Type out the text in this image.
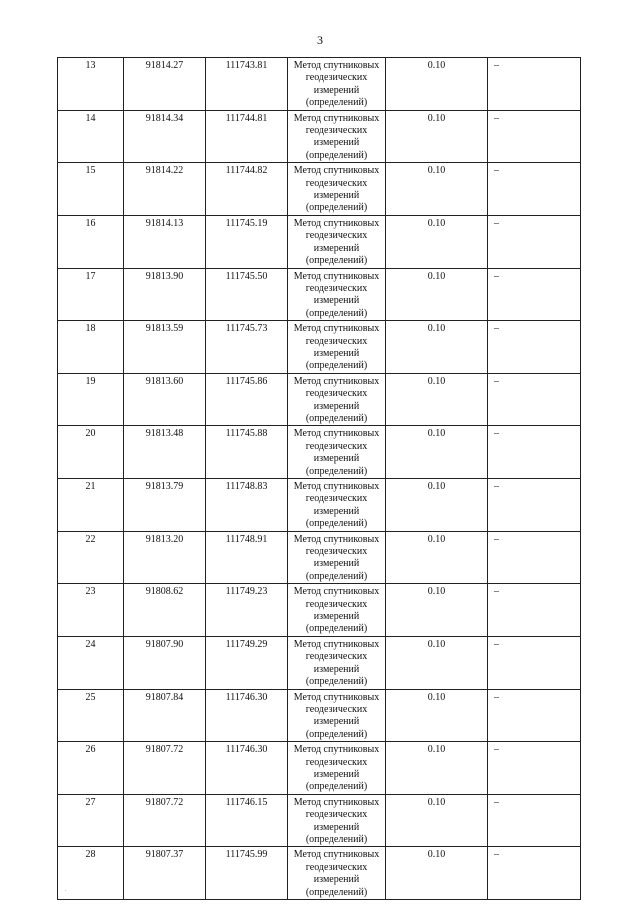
3
13	91814.27	111743.81	Метод спутниковых
геодезических
измерений
(определений)	0.10	–
14	91814.34	111744.81	Метод спутниковых
геодезических
измерений
(определений)	0.10	–
15	91814.22	111744.82	Метод спутниковых
геодезических
измерений
(определений)	0.10	–
16	91814.13	111745.19	Метод спутниковых
геодезических
измерений
(определений)	0.10	–
17	91813.90	111745.50	Метод спутниковых
геодезических
измерений
(определений)	0.10	–
18	91813.59	111745.73	Метод спутниковых
геодезических
измерений
(определений)	0.10	–
19	91813.60	111745.86	Метод спутниковых
геодезических
измерений
(определений)	0.10	–
20	91813.48	111745.88	Метод спутниковых
геодезических
измерений
(определений)	0.10	–
21	91813.79	111748.83	Метод спутниковых
геодезических
измерений
(определений)	0.10	–
22	91813.20	111748.91	Метод спутниковых
геодезических
измерений
(определений)	0.10	–
23	91808.62	111749.23	Метод спутниковых
геодезических
измерений
(определений)	0.10	–
24	91807.90	111749.29	Метод спутниковых
геодезических
измерений
(определений)	0.10	–
25	91807.84	111746.30	Метод спутниковых
геодезических
измерений
(определений)	0.10	–
26	91807.72	111746.30	Метод спутниковых
геодезических
измерений
(определений)	0.10	–
27	91807.72	111746.15	Метод спутниковых
геодезических
измерений
(определений)	0.10	–
28	91807.37	111745.99	Метод спутниковых
геодезических
измерений
(определений)	0.10	–
.
